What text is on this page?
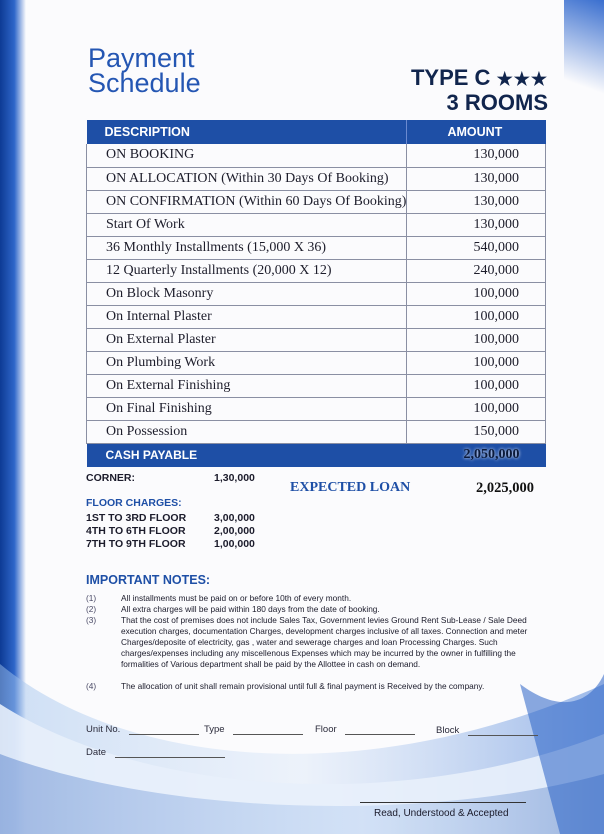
Payment
Schedule	TYPE C ★★★
3 ROOMS
DESCRIPTION	AMOUNT
ON BOOKING	130,000
ON ALLOCATION (Within 30 Days Of Booking)	130,000
ON CONFIRMATION (Within 60 Days Of Booking)	130,000
Start Of Work	130,000
36 Monthly Installments (15,000 X 36)	540,000
12 Quarterly Installments (20,000 X 12)	240,000
On Block Masonry	100,000
On Internal Plaster	100,000
On External Plaster	100,000
On Plumbing Work	100,000
On External Finishing	100,000
On Final Finishing	100,000
On Possession	150,000
CASH PAYABLE	2,050,000
CORNER:	1,30,000
EXPECTED LOAN	2,025,000
FLOOR CHARGES:
1ST TO 3RD FLOOR	3,00,000
4TH TO 6TH FLOOR	2,00,000
7TH TO 9TH FLOOR	1,00,000
IMPORTANT NOTES:
(1)	All installments must be paid on or before 10th of every month.
(2)	All extra charges will be paid within 180 days from the date of booking.
(3)	That the cost of premises does not include Sales Tax, Government levies Ground Rent Sub-Lease / Sale Deed execution charges, documentation Charges, development charges inclusive of all taxes. Connection and meter Charges/deposite of electricity, gas , water and sewerage charges and loan Processing Charges. Such charges/expenses including any miscellenous Expenses which may be incurred by the owner in fulfilling the formalities of Various department shall be paid by the Allottee in cash on demand.
(4)	The allocation of unit shall remain provisional until full & final payment is Received by the company.
Unit No.	Type	Floor	Block
Date
Read, Understood & Accepted
